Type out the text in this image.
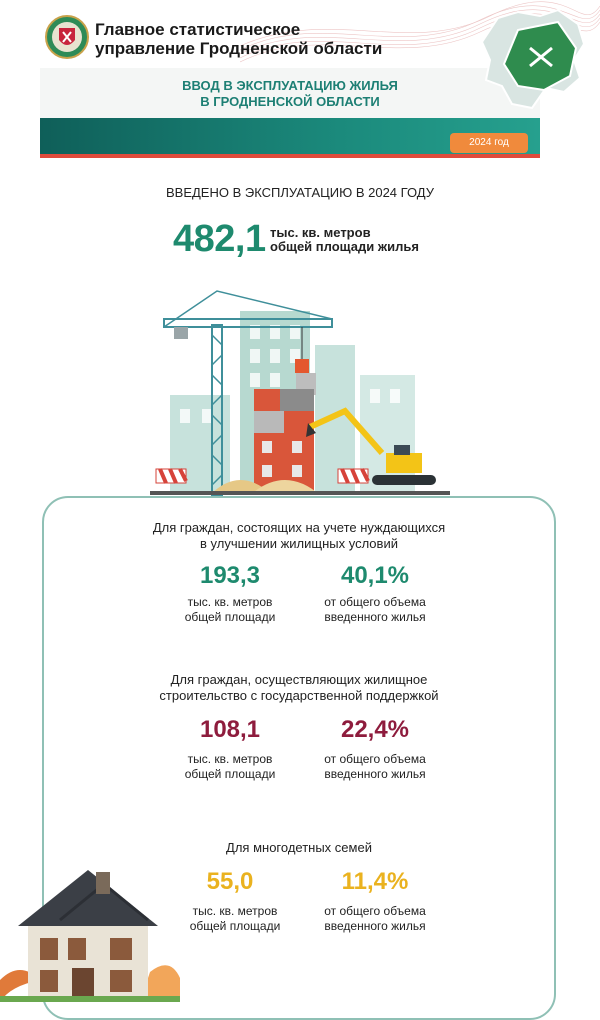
Главное статистическое
управление Гродненской области
ВВОД В ЭКСПЛУАТАЦИЮ ЖИЛЬЯ
В ГРОДНЕНСКОЙ ОБЛАСТИ
2024 год
ВВЕДЕНО В ЭКСПЛУАТАЦИЮ В 2024 ГОДУ
482,1 тыс. кв. метров
общей площади жилья
Для граждан, состоящих на учете нуждающихся
в улучшении жилищных условий
193,3
тыс. кв. метров
общей площади
40,1%
от общего объема
введенного жилья
Для граждан, осуществляющих жилищное
строительство с государственной поддержкой
108,1
тыс. кв. метров
общей площади
22,4%
от общего объема
введенного жилья
Для многодетных семей
55,0
тыс. кв. метров
общей площади
11,4%
от общего объема
введенного жилья
